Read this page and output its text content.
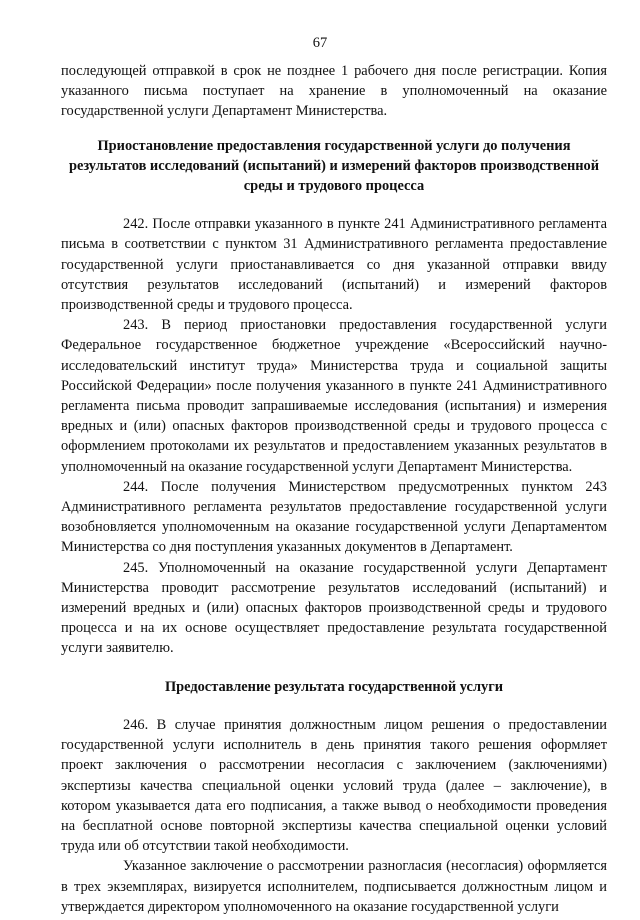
67

последующей отправкой в срок не позднее 1 рабочего дня после регистрации. Копия указанного письма поступает на хранение в уполномоченный на оказание государственной услуги Департамент Министерства.

Приостановление предоставления государственной услуги до получения результатов исследований (испытаний) и измерений факторов производственной среды и трудового процесса

242. После отправки указанного в пункте 241 Административного регламента письма в соответствии с пунктом 31 Административного регламента предоставление государственной услуги приостанавливается со дня указанной отправки ввиду отсутствия результатов исследований (испытаний) и измерений факторов производственной среды и трудового процесса.

243. В период приостановки предоставления государственной услуги Федеральное государственное бюджетное учреждение «Всероссийский научно-исследовательский институт труда» Министерства труда и социальной защиты Российской Федерации» после получения указанного в пункте 241 Административного регламента письма проводит запрашиваемые исследования (испытания) и измерения вредных и (или) опасных факторов производственной среды и трудового процесса с оформлением протоколами их результатов и предоставлением указанных результатов в уполномоченный на оказание государственной услуги Департамент Министерства.

244. После получения Министерством предусмотренных пунктом 243 Административного регламента результатов предоставление государственной услуги возобновляется уполномоченным на оказание государственной услуги Департаментом Министерства со дня поступления указанных документов в Департамент.

245. Уполномоченный на оказание государственной услуги Департамент Министерства проводит рассмотрение результатов исследований (испытаний) и измерений вредных и (или) опасных факторов производственной среды и трудового процесса и на их основе осуществляет предоставление результата государственной услуги заявителю.

Предоставление результата государственной услуги

246. В случае принятия должностным лицом решения о предоставлении государственной услуги исполнитель в день принятия такого решения оформляет проект заключения о рассмотрении несогласия с заключением (заключениями) экспертизы качества специальной оценки условий труда (далее – заключение), в котором указывается дата его подписания, а также вывод о необходимости проведения на бесплатной основе повторной экспертизы качества специальной оценки условий труда или об отсутствии такой необходимости.

Указанное заключение о рассмотрении разногласия (несогласия) оформляется в трех экземплярах, визируется исполнителем, подписывается должностным лицом и утверждается директором уполномоченного на оказание государственной услуги
